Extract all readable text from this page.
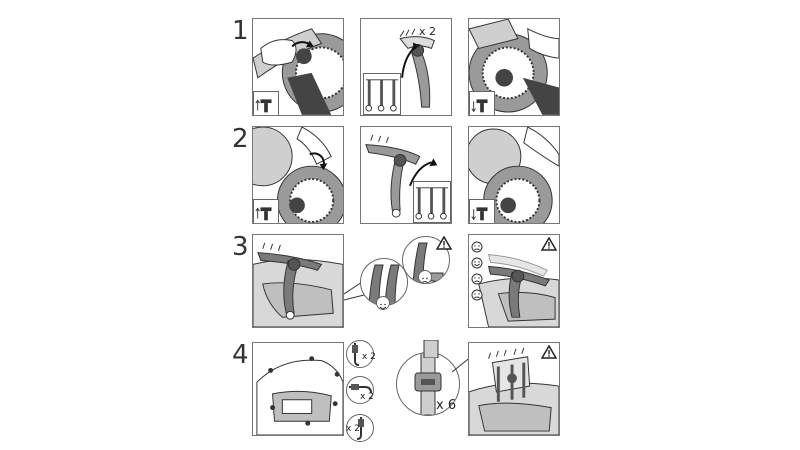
1
2
3
4
x 2
x 2
x 2
x 2
x 6
